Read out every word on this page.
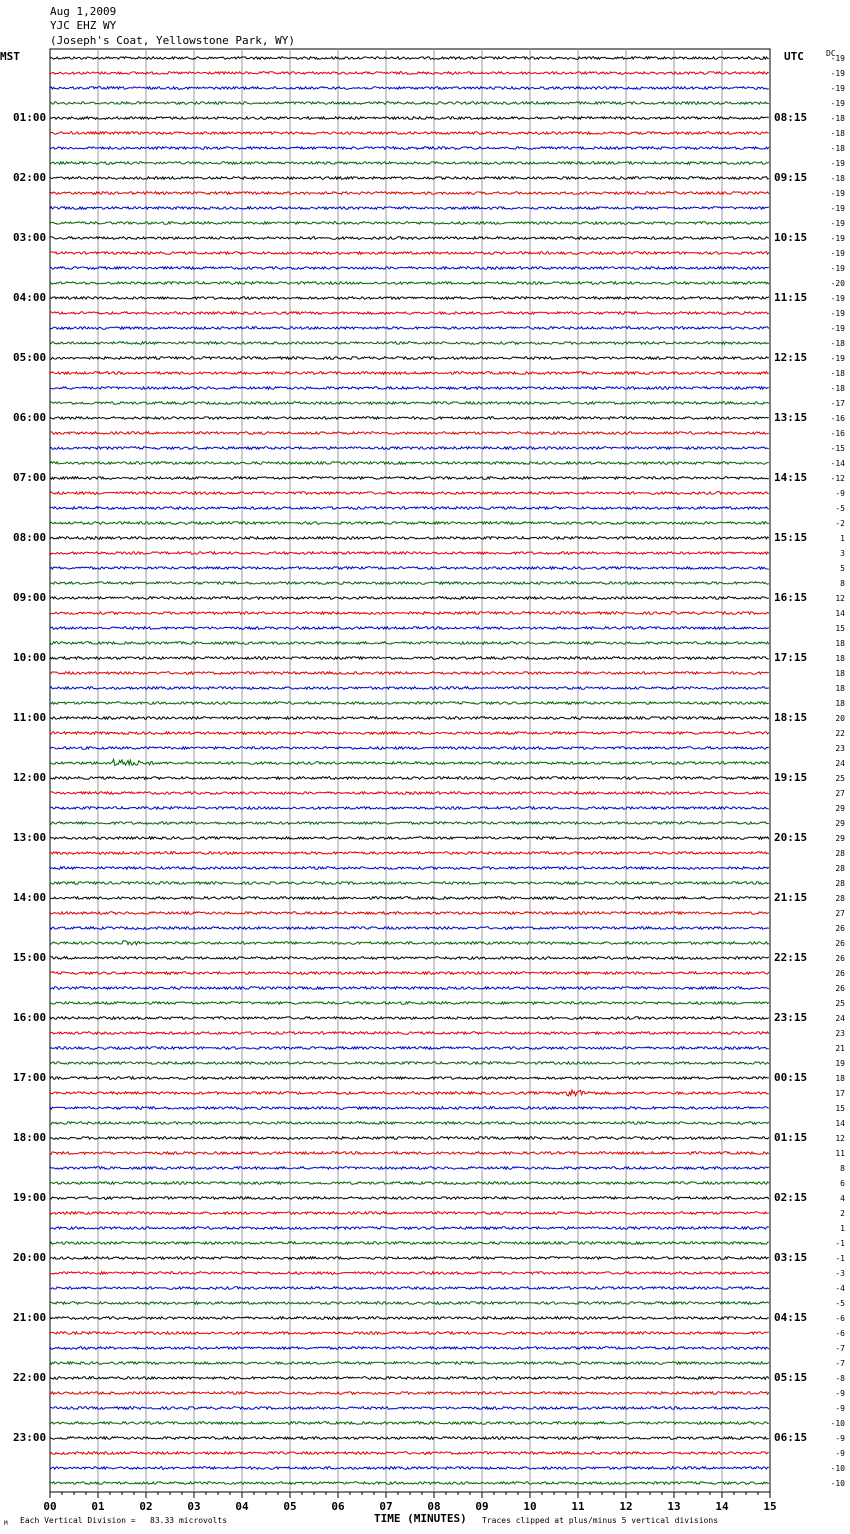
Aug 1,2009
YJC EHZ WY
(Joseph's Coat, Yellowstone Park, WY)
MST	UTC	DC
01:00
02:00
03:00
04:00
05:00
06:00
07:00
08:00
09:00
10:00
11:00
12:00
13:00
14:00
15:00
16:00
17:00
18:00
19:00
20:00
21:00
22:00
23:00
08:15
09:15
10:15
11:15
12:15
13:15
14:15
15:15
16:15
17:15
18:15
19:15
20:15
21:15
22:15
23:15
00:15
01:15
02:15
03:15
04:15
05:15
06:15
00	01	02	03	04	05	06	07	08	09	10	11	12	13	14	15
-19
-19
-19
-19
-18
-18
-18
-19
-18
-19
-19
-19
-19
-19
-19
-20
-19
-19
-19
-18
-19
-18
-18
-17
-16
-16
-15
-14
-12
-9
-5
-2
1
3
5
8
12
14
15
18
18
18
18
18
20
22
23
24
25
27
29
29
29
28
28
28
28
27
26
26
26
26
26
25
24
23
21
19
18
17
15
14
12
11
8
6
4
2
1
-1
-1
-3
-4
-5
-6
-6
-7
-7
-8
-9
-9
-10
-9
-9
-10
-10
Each Vertical Division =   83.33 microvolts
M	TIME (MINUTES) Traces clipped at plus/minus 5 vertical divisions
